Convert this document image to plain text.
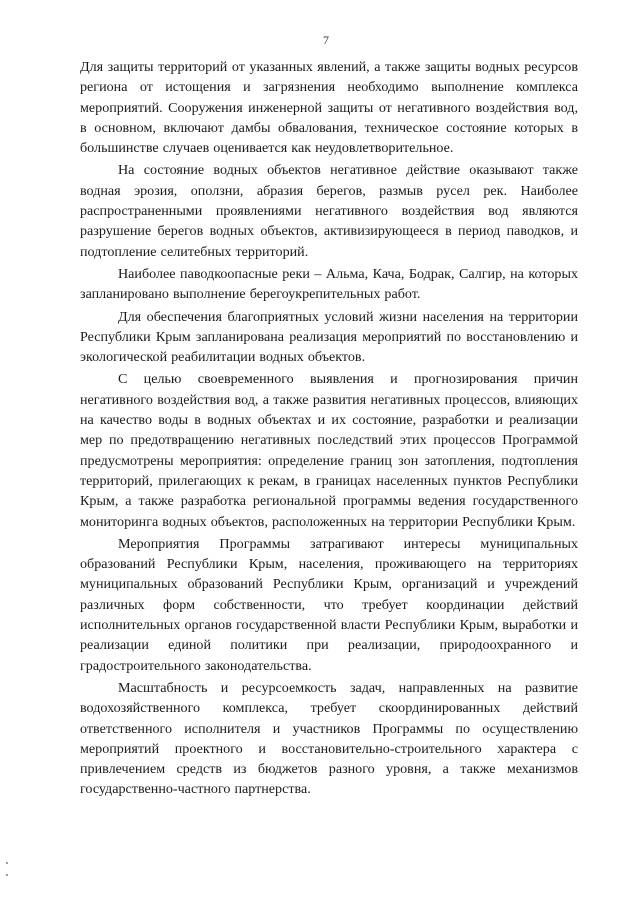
7

Для защиты территорий от указанных явлений, а также защиты водных ресурсов региона от истощения и загрязнения необходимо выполнение комплекса мероприятий. Сооружения инженерной защиты от негативного воздействия вод, в основном, включают дамбы обвалования, техническое состояние которых в большинстве случаев оценивается как неудовлетворительное.

На состояние водных объектов негативное действие оказывают также водная эрозия, оползни, абразия берегов, размыв русел рек. Наиболее распространенными проявлениями негативного воздействия вод являются разрушение берегов водных объектов, активизирующееся в период паводков, и подтопление селитебных территорий.

Наиболее паводкоопасные реки – Альма, Кача, Бодрак, Салгир, на которых запланировано выполнение берегоукрепительных работ.

Для обеспечения благоприятных условий жизни населения на территории Республики Крым запланирована реализация мероприятий по восстановлению и экологической реабилитации водных объектов.

С целью своевременного выявления и прогнозирования причин негативного воздействия вод, а также развития негативных процессов, влияющих на качество воды в водных объектах и их состояние, разработки и реализации мер по предотвращению негативных последствий этих процессов Программой предусмотрены мероприятия: определение границ зон затопления, подтопления территорий, прилегающих к рекам, в границах населенных пунктов Республики Крым, а также разработка региональной программы ведения государственного мониторинга водных объектов, расположенных на территории Республики Крым.

Мероприятия Программы затрагивают интересы муниципальных образований Республики Крым, населения, проживающего на территориях муниципальных образований Республики Крым, организаций и учреждений различных форм собственности, что требует координации действий исполнительных органов государственной власти Республики Крым, выработки и реализации единой политики при реализации, природоохранного и градостроительного законодательства.

Масштабность и ресурсоемкость задач, направленных на развитие водохозяйственного комплекса, требует скоординированных действий ответственного исполнителя и участников Программы по осуществлению мероприятий проектного и восстановительно-строительного характера с привлечением средств из бюджетов разного уровня, а также механизмов государственно-частного партнерства.
